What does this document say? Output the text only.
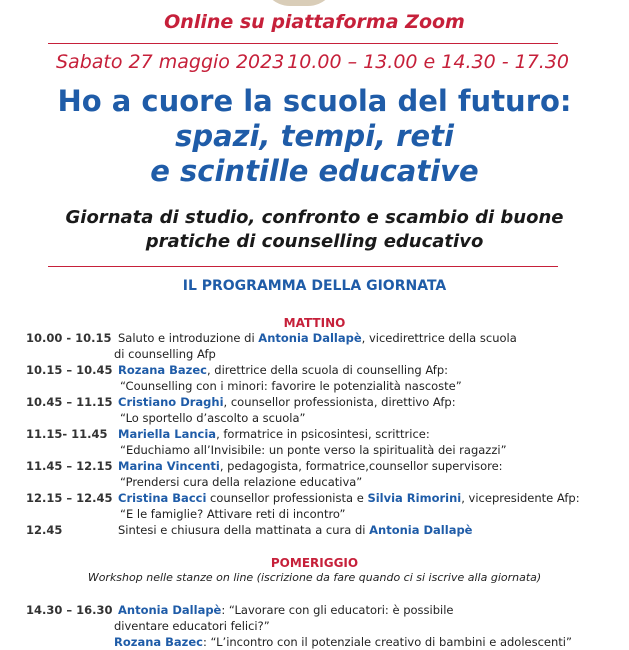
Online su piattaforma Zoom
Sabato 27 maggio 2023 10.00 – 13.00 e 14.30 - 17.30
Ho a cuore la scuola del futuro:
spazi, tempi, reti
e scintille educative
Giornata di studio, confronto e scambio di buone
pratiche di counselling educativo
IL PROGRAMMA DELLA GIORNATA
MATTINO
10.00 - 10.15 Saluto e introduzione di Antonia Dallapè, vicedirettrice della scuola
di counselling Afp
10.15 – 10.45 Rozana Bazec, direttrice della scuola di counselling Afp:
“Counselling con i minori: favorire le potenzialità nascoste”
10.45 – 11.15 Cristiano Draghi, counsellor professionista, direttivo Afp:
“Lo sportello d’ascolto a scuola”
11.15- 11.45 Mariella Lancia, formatrice in psicosintesi, scrittrice:
“Educhiamo all’Invisibile: un ponte verso la spiritualità dei ragazzi”
11.45 – 12.15 Marina Vincenti, pedagogista, formatrice,counsellor supervisore:
“Prendersi cura della relazione educativa”
12.15 – 12.45 Cristina Bacci counsellor professionista e Silvia Rimorini, vicepresidente Afp:
“E le famiglie? Attivare reti di incontro”
12.45	Sintesi e chiusura della mattinata a cura di Antonia Dallapè
POMERIGGIO
Workshop nelle stanze on line (iscrizione da fare quando ci si iscrive alla giornata)
14.30 – 16.30 Antonia Dallapè: “Lavorare con gli educatori: è possibile
diventare educatori felici?”
Rozana Bazec: “L’incontro con il potenziale creativo di bambini e adolescenti”
